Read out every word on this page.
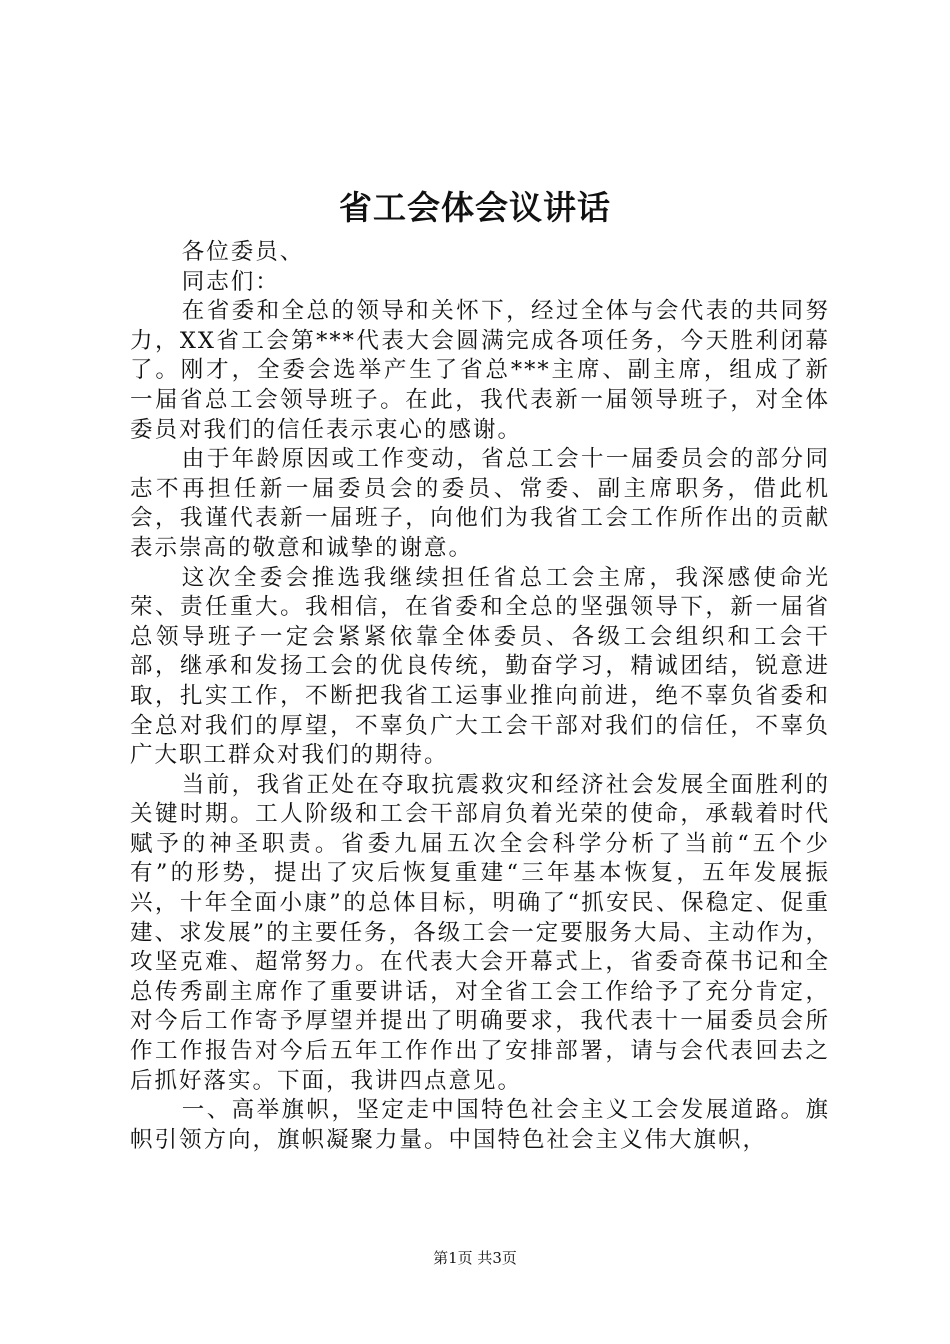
省工会体会议讲话

各位委员、

同志们：

在省委和全总的领导和关怀下，经过全体与会代表的共同努力，XX省工会第***代表大会圆满完成各项任务，今天胜利闭幕了。刚才，全委会选举产生了省总***主席、副主席，组成了新一届省总工会领导班子。在此，我代表新一届领导班子，对全体委员对我们的信任表示衷心的感谢。

由于年龄原因或工作变动，省总工会十一届委员会的部分同志不再担任新一届委员会的委员、常委、副主席职务，借此机会，我谨代表新一届班子，向他们为我省工会工作所作出的贡献表示崇高的敬意和诚挚的谢意。

这次全委会推选我继续担任省总工会主席，我深感使命光荣、责任重大。我相信，在省委和全总的坚强领导下，新一届省总领导班子一定会紧紧依靠全体委员、各级工会组织和工会干部，继承和发扬工会的优良传统，勤奋学习，精诚团结，锐意进取，扎实工作，不断把我省工运事业推向前进，绝不辜负省委和全总对我们的厚望，不辜负广大工会干部对我们的信任，不辜负广大职工群众对我们的期待。

当前，我省正处在夺取抗震救灾和经济社会发展全面胜利的关键时期。工人阶级和工会干部肩负着光荣的使命，承载着时代赋予的神圣职责。省委九届五次全会科学分析了当前“五个少有”的形势，提出了灾后恢复重建“三年基本恢复，五年发展振兴，十年全面小康”的总体目标，明确了“抓安民、保稳定、促重建、求发展”的主要任务，各级工会一定要服务大局、主动作为，攻坚克难、超常努力。在代表大会开幕式上，省委奇葆书记和全总传秀副主席作了重要讲话，对全省工会工作给予了充分肯定，对今后工作寄予厚望并提出了明确要求，我代表十一届委员会所作工作报告对今后五年工作作出了安排部署，请与会代表回去之后抓好落实。下面，我讲四点意见。

一、高举旗帜，坚定走中国特色社会主义工会发展道路。旗帜引领方向，旗帜凝聚力量。中国特色社会主义伟大旗帜，

第1页 共3页
